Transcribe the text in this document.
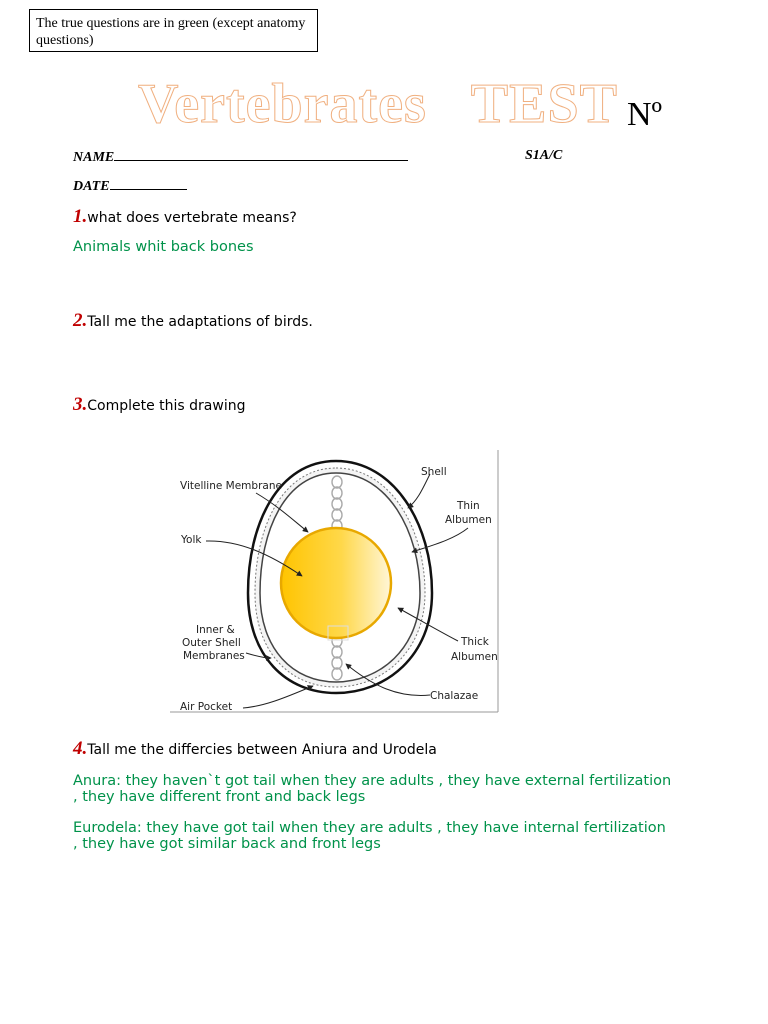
The true questions are in green (except anatomy questions)
Vertebrates   TEST Nº
NAME	S1A/C
DATE
1.what does vertebrate means?
Animals whit back bones
2.Tall me the adaptations of birds.
3.Complete this drawing
Vitelline Membrane
Yolk
Inner &
Outer Shell
Membranes
Air Pocket
Shell
Thin
Albumen
Thick
Albumen
Chalazae
4.Tall me the differcies between Aniura and Urodela
Anura: they haven`t got tail when they are adults , they have external fertilization , they have different front and back legs
Eurodela: they have got tail when they are adults , they have internal fertilization , they have got similar back and front legs
